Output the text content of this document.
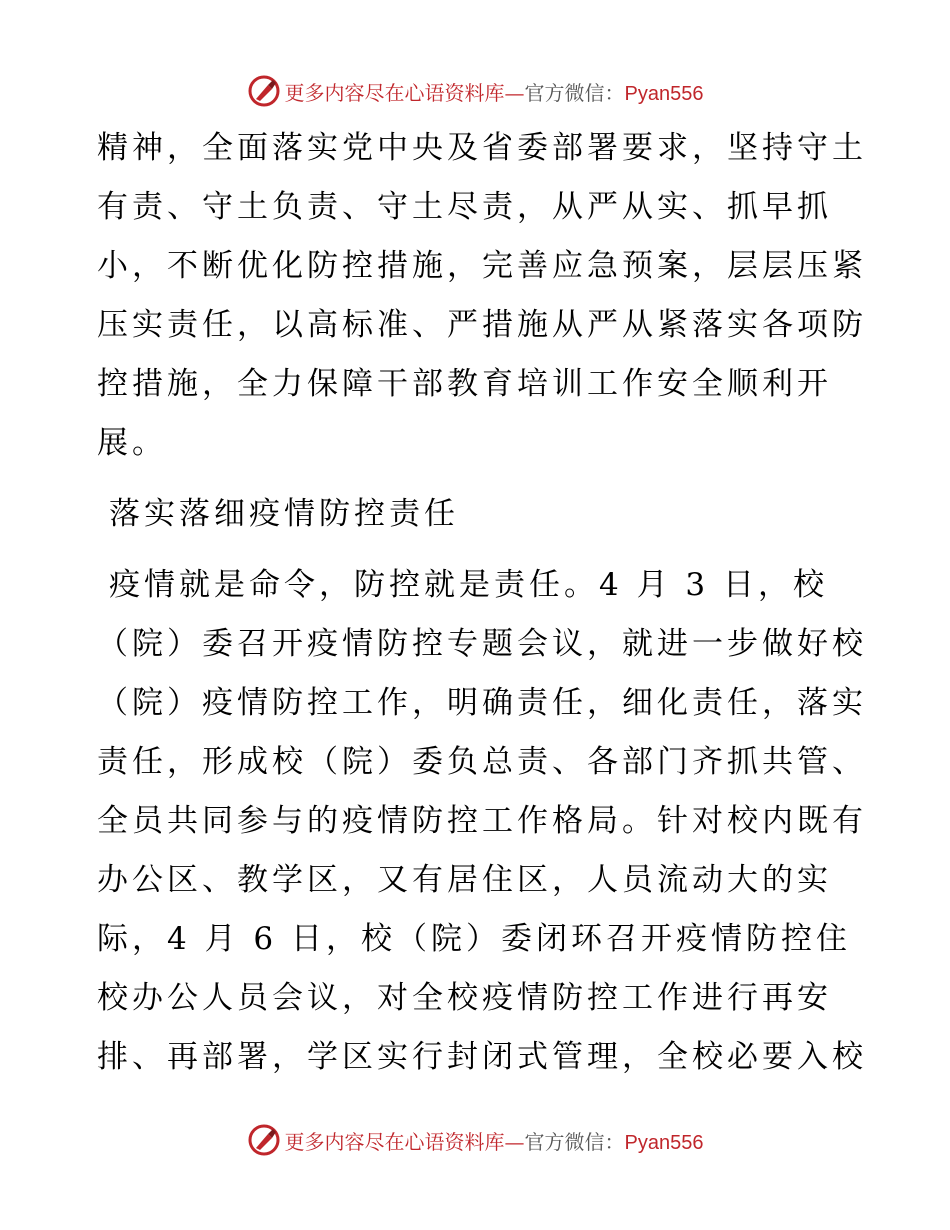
更多内容尽在心语资料库—官方微信：Pyan556
精神，全面落实党中央及省委部署要求，坚持守土
有责、守土负责、守土尽责，从严从实、抓早抓
小，不断优化防控措施，完善应急预案，层层压紧
压实责任，以高标准、严措施从严从紧落实各项防
控措施，全力保障干部教育培训工作安全顺利开
展。
落实落细疫情防控责任
疫情就是命令，防控就是责任。4 月 3 日，校
（院）委召开疫情防控专题会议，就进一步做好校
（院）疫情防控工作，明确责任，细化责任，落实
责任，形成校（院）委负总责、各部门齐抓共管、
全员共同参与的疫情防控工作格局。针对校内既有
办公区、教学区，又有居住区，人员流动大的实
际，4 月 6 日，校（院）委闭环召开疫情防控住
校办公人员会议，对全校疫情防控工作进行再安
排、再部署，学区实行封闭式管理，全校必要入校
更多内容尽在心语资料库—官方微信：Pyan556
